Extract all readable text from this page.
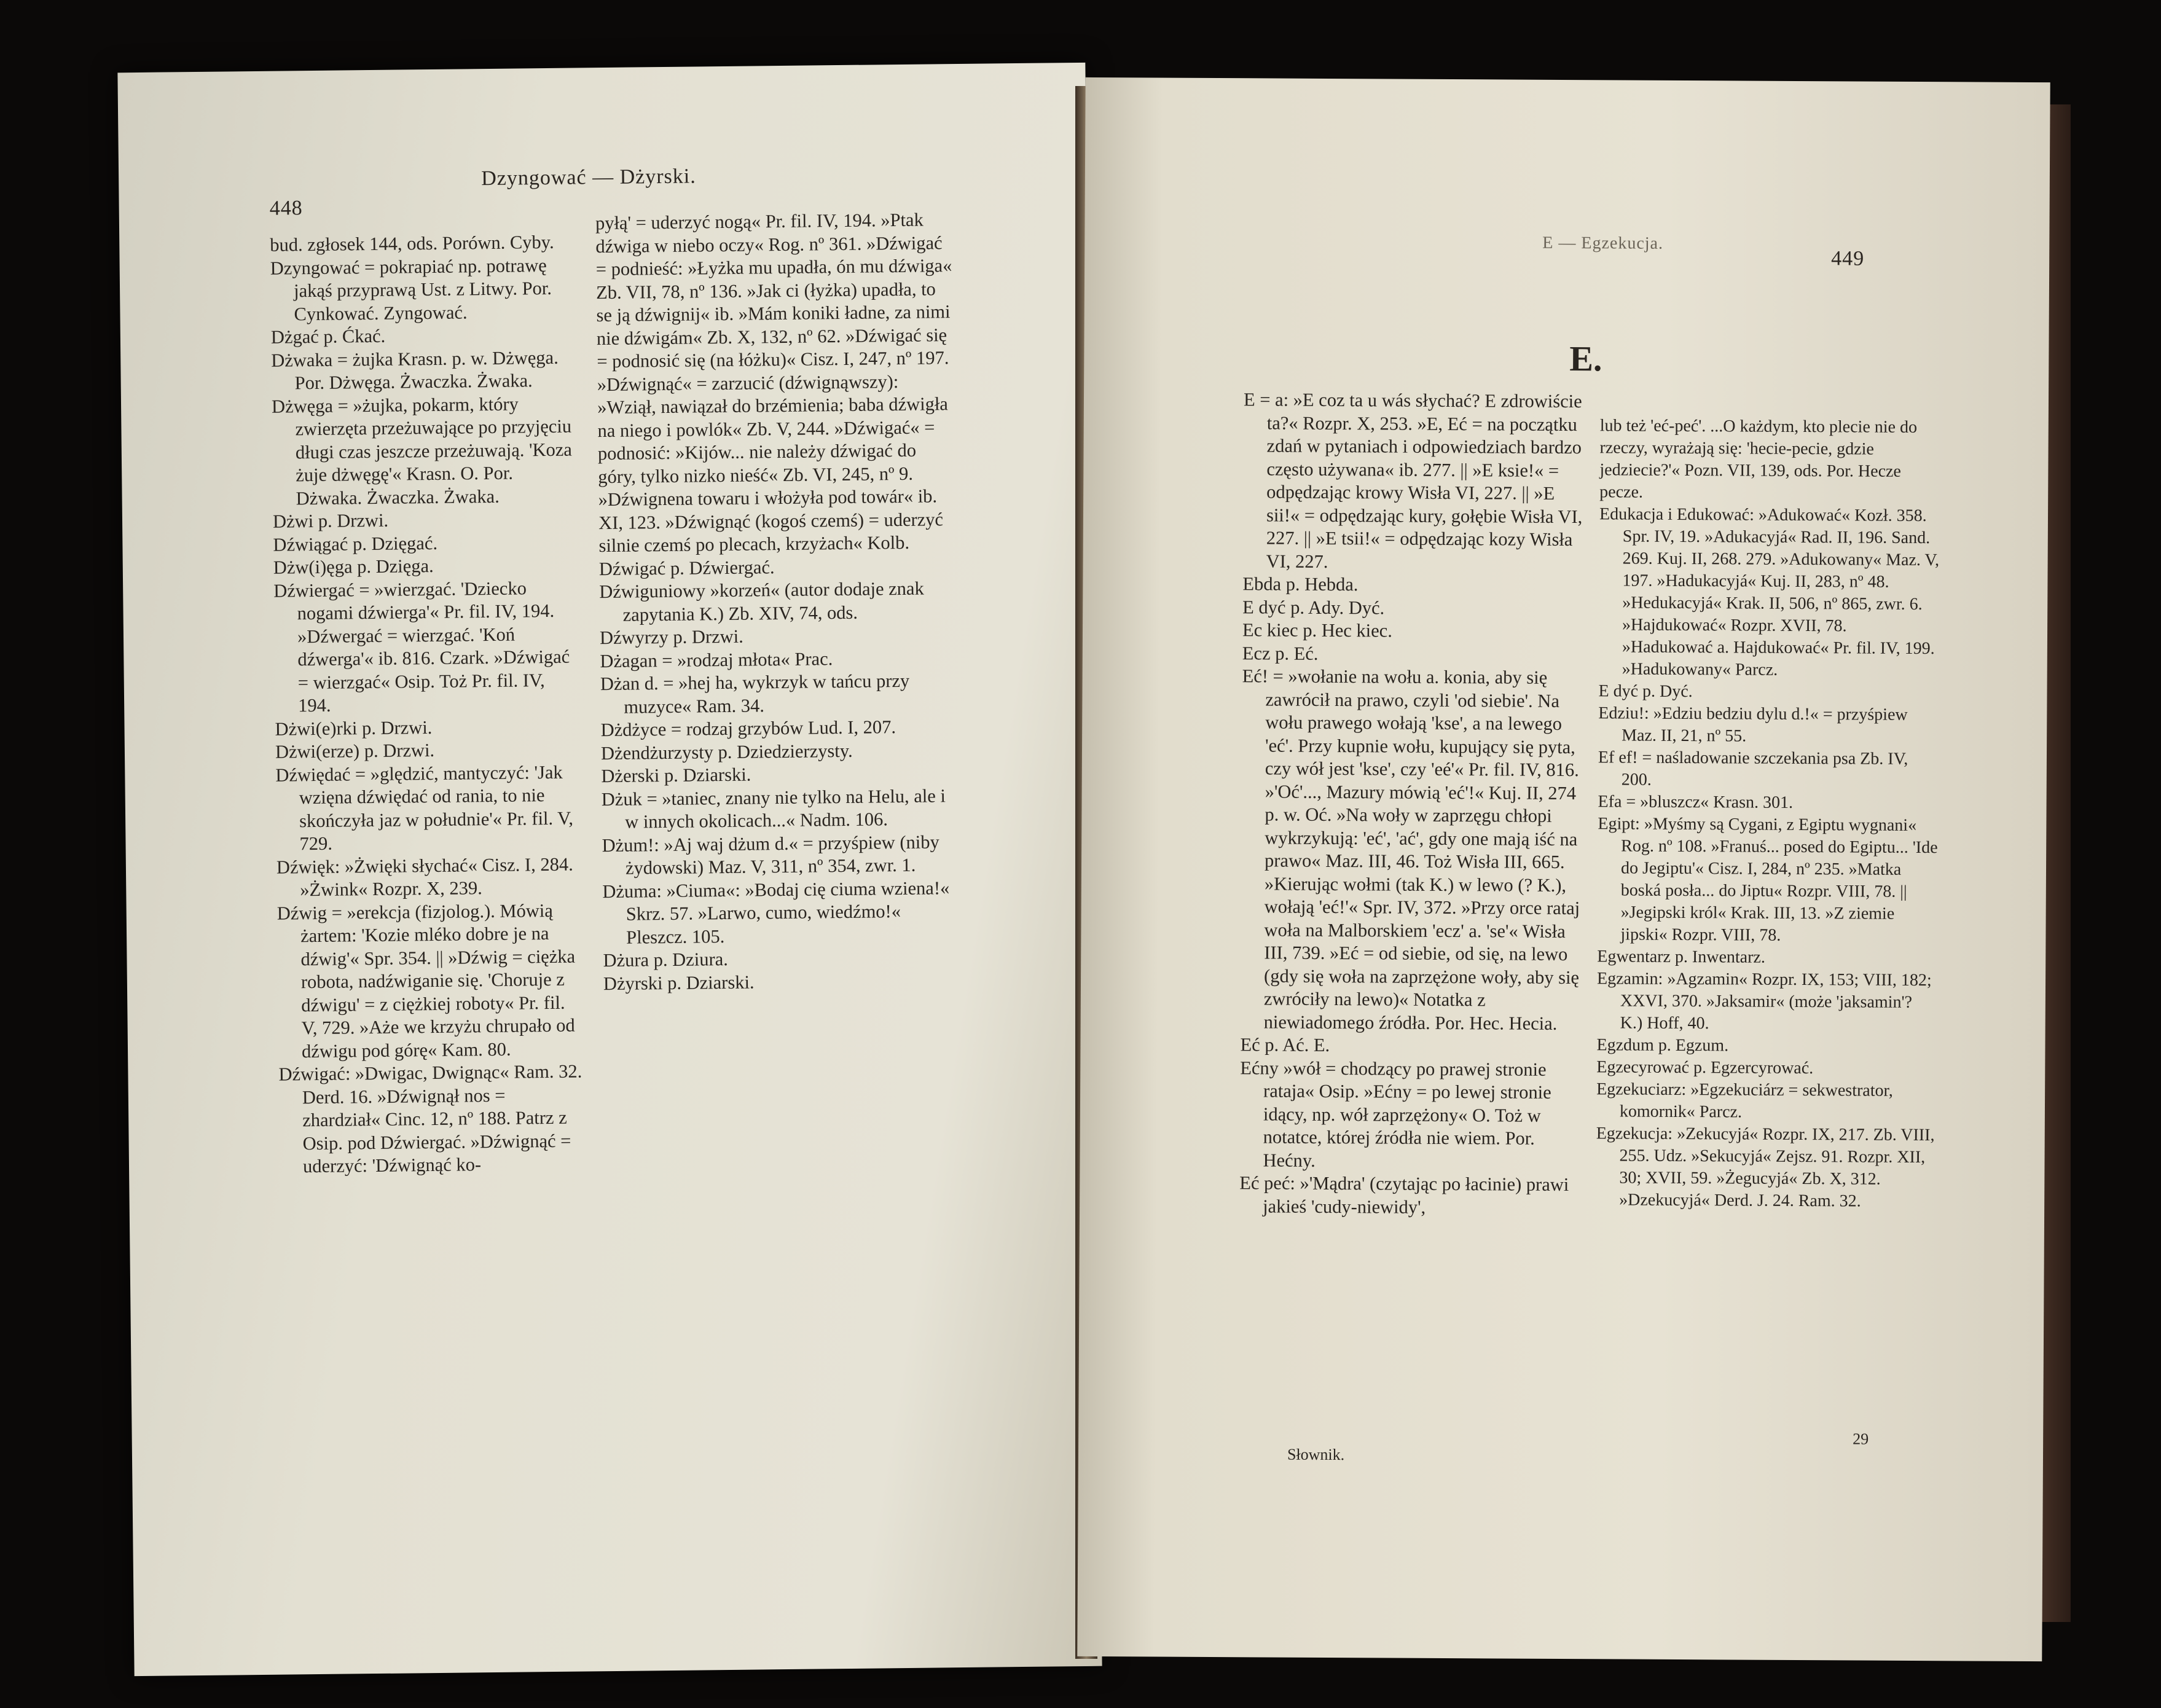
448
Dzyngować — Dżyrski.

bud. zgłosek 144, ods. Porówn. Cyby.

Dzyngować = pokrapiać np. potrawę jakąś przyprawą Ust. z Litwy. Por. Cynkować. Zyngować.

Dżgać p. Ćkać.

Dżwaka = żujka Krasn. p. w. Dżwęga. Por. Dżwęga. Żwaczka. Żwaka.

Dżwęga = »żujka, pokarm, który zwierzęta przeżuwające po przyjęciu długi czas jeszcze przeżuwają. 'Koza żuje dżwęgę'« Krasn. O. Por. Dżwaka. Żwaczka. Żwaka.

Dżwi p. Drzwi.

Dźwiągać p. Dzięgać.

Dżw(i)ęga p. Dzięga.

Dźwiergać = »wierzgać. 'Dziecko nogami dźwierga'« Pr. fil. IV, 194. »Dźwergać = wierzgać. 'Koń dźwerga'« ib. 816. Czark. »Dźwigać = wierzgać« Osip. Toż Pr. fil. IV, 194.

Dżwi(e)rki p. Drzwi.

Dżwi(erze) p. Drzwi.

Dźwiędać = »ględzić, mantyczyć: 'Jak wzięna dźwiędać od rania, to nie skończyła jaz w południe'« Pr. fil. V, 729.

Dźwięk: »Żwięki słychać« Cisz. I, 284. »Żwink« Rozpr. X, 239.

Dźwig = »erekcja (fizjolog.). Mówią żartem: 'Kozie mléko dobre je na dźwig'« Spr. 354. || »Dźwig = ciężka robota, nadźwiganie się. 'Choruje z dźwigu' = z ciężkiej roboty« Pr. fil. V, 729. »Aże we krzyżu chrupało od dźwigu pod górę« Kam. 80.

Dźwigać: »Dwigac, Dwignąc« Ram. 32. Derd. 16. »Dźwignął nos = zhardział« Cinc. 12, nº 188. Patrz z Osip. pod Dźwiergać. »Dźwignąć = uderzyć: 'Dźwignąć ko-

pyłą' = uderzyć nogą« Pr. fil. IV, 194. »Ptak dźwiga w niebo oczy« Rog. nº 361. »Dźwigać = podnieść: »Łyżka mu upadła, ón mu dźwiga« Zb. VII, 78, nº 136. »Jak ci (łyżka) upadła, to se ją dźwignij« ib. »Mám koniki ładne, za nimi nie dźwigám« Zb. X, 132, nº 62. »Dźwigać się = podnosić się (na łóżku)« Cisz. I, 247, nº 197. »Dźwignąć« = zarzucić (dźwignąwszy): »Wziął, nawiązał do brzémienia; baba dźwigła na niego i powlók« Zb. V, 244. »Dźwigać« = podnosić: »Kijów... nie należy dźwigać do góry, tylko nizko nieść« Zb. VI, 245, nº 9. »Dźwignena towaru i włożyła pod towár« ib. XI, 123. »Dźwignąć (kogoś czemś) = uderzyć silnie czemś po plecach, krzyżach« Kolb.

Dźwigać p. Dźwiergać.

Dźwiguniowy »korzeń« (autor dodaje znak zapytania K.) Zb. XIV, 74, ods.

Dźwyrzy p. Drzwi.

Dżagan = »rodzaj młota« Prac.

Dżan d. = »hej ha, wykrzyk w tańcu przy muzyce« Ram. 34.

Dżdżyce = rodzaj grzybów Lud. I, 207.

Dżendżurzysty p. Dziedzierzysty.

Dżerski p. Dziarski.

Dżuk = »taniec, znany nie tylko na Helu, ale i w innych okolicach...« Nadm. 106.

Dżum!: »Aj waj dżum d.« = przyśpiew (niby żydowski) Maz. V, 311, nº 354, zwr. 1.

Dżuma: »Ciuma«: »Bodaj cię ciuma wziena!« Skrz. 57. »Larwo, cumo, wiedźmo!« Pleszcz. 105.

Dżura p. Dziura.

Dżyrski p. Dziarski.

E — Egzekucja.
449
E.

E = a: »E coz ta u wás słychać? E zdrowiście ta?« Rozpr. X, 253. »E, Eć = na początku zdań w pytaniach i odpowiedziach bardzo często używana« ib. 277. || »E ksie!« = odpędzając krowy Wisła VI, 227. || »E sii!« = odpędzając kury, gołębie Wisła VI, 227. || »E tsii!« = odpędzając kozy Wisła VI, 227.

Ebda p. Hebda.

E dyć p. Ady. Dyć.

Ec kiec p. Hec kiec.

Ecz p. Eć.

Eć! = »wołanie na wołu a. konia, aby się zawrócił na prawo, czyli 'od siebie'. Na wołu prawego wołają 'kse', a na lewego 'eć'. Przy kupnie wołu, kupujący się pyta, czy wół jest 'kse', czy 'eé'« Pr. fil. IV, 816. »'Oć'..., Mazury mówią 'eć'!« Kuj. II, 274 p. w. Oć. »Na woły w zaprzęgu chłopi wykrzykują: 'eć', 'ać', gdy one mają iść na prawo« Maz. III, 46. Toż Wisła III, 665. »Kierując wołmi (tak K.) w lewo (? K.), wołają 'eć!'« Spr. IV, 372. »Przy orce rataj woła na Malborskiem 'ecz' a. 'se'« Wisła III, 739. »Eć = od siebie, od się, na lewo (gdy się woła na zaprzężone woły, aby się zwróciły na lewo)« Notatka z niewiadomego źródła. Por. Hec. Hecia.

Eć p. Ać. E.

Ećny »wół = chodzący po prawej stronie rataja« Osip. »Ećny = po lewej stronie idący, np. wół zaprzężony« O. Toż w notatce, której źródła nie wiem. Por. Hećny.

Eć peć: »'Mądra' (czytając po łacinie) prawi jakieś 'cudy-niewidy',

lub też 'eć-peć'. ...O każdym, kto plecie nie do rzeczy, wyrażają się: 'hecie-pecie, gdzie jedziecie?'« Pozn. VII, 139, ods. Por. Hecze pecze.

Edukacja i Edukować: »Adukować« Kozł. 358. Spr. IV, 19. »Adukacyjá« Rad. II, 196. Sand. 269. Kuj. II, 268. 279. »Adukowany« Maz. V, 197. »Hadukacyjá« Kuj. II, 283, nº 48. »Hedukacyjá« Krak. II, 506, nº 865, zwr. 6. »Hajdukować« Rozpr. XVII, 78. »Hadukować a. Hajdukować« Pr. fil. IV, 199. »Hadukowany« Parcz.

E dyć p. Dyć.

Edziu!: »Edziu bedziu dylu d.!« = przyśpiew Maz. II, 21, nº 55.

Ef ef! = naśladowanie szczekania psa Zb. IV, 200.

Efa = »bluszcz« Krasn. 301.

Egipt: »Myśmy są Cygani, z Egiptu wygnani« Rog. nº 108. »Franuś... posed do Egiptu... 'Ide do Jegiptu'« Cisz. I, 284, nº 235. »Matka boská posła... do Jiptu« Rozpr. VIII, 78. || »Jegipski król« Krak. III, 13. »Z ziemie jipski« Rozpr. VIII, 78.

Egwentarz p. Inwentarz.

Egzamin: »Agzamin« Rozpr. IX, 153; VIII, 182; XXVI, 370. »Jaksamir« (może 'jaksamin'? K.) Hoff, 40.

Egzdum p. Egzum.

Egzecyrować p. Egzercyrować.

Egzekuciarz: »Egzekuciárz = sekwestrator, komornik« Parcz.

Egzekucja: »Zekucyjá« Rozpr. IX, 217. Zb. VIII, 255. Udz. »Sekucyjá« Zejsz. 91. Rozpr. XII, 30; XVII, 59. »Żegucyjá« Zb. X, 312. »Dzekucyjá« Derd. J. 24. Ram. 32.

Słownik.
29
